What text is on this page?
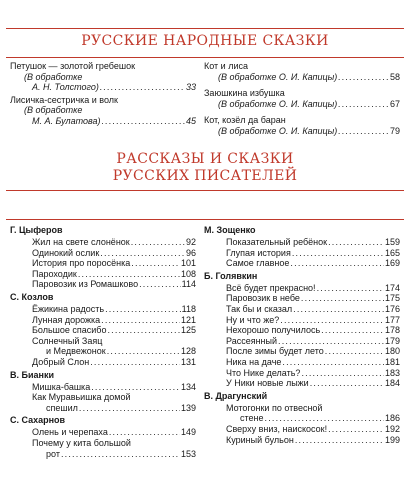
РУССКИЕ НАРОДНЫЕ СКАЗКИ
Петушок — золотой гребешок
(В обработке
А. Н. Толстого) .....	33
Лисичка-сестричка и волк
(В обработке
М. А. Булатова) .....	45
Кот и лиса
(В обработке О. И. Капицы) .....	58
Заюшкина избушка
(В обработке О. И. Капицы) .....	67
Кот, козёл да баран
(В обработке О. И. Капицы) .....	79
РАССКАЗЫ И СКАЗКИ
РУССКИХ ПИСАТЕЛЕЙ
Г. Цыферов
Жил на свете слонёнок .....	92
Одинокий ослик .....	96
История про поросёнка .....	101
Пароходик .....	108
Паровозик из Ромашково .....	114
С. Козлов
Ёжикина радость .....	118
Лунная дорожка .....	121
Большое спасибо .....	125
Солнечный Заяц
и Медвежонок .....	128
Добрый Слон .....	131
В. Бианки
Мишка-башка .....	134
Как Муравьишка домой
спешил .....	139
С. Сахарнов
Олень и черепаха .....	149
Почему у кита большой
рот .....	153
М. Зощенко
Показательный ребёнок .....	159
Глупая история .....	165
Самое главное .....	169
Б. Голявкин
Всё будет прекрасно! .....	174
Паровозик в небе .....	175
Так бы и сказал .....	176
Ну и что же? .....	177
Нехорошо получилось .....	178
Рассеянный .....	179
После зимы будет лето .....	180
Ника на даче .....	181
Что Нике делать? .....	183
У Ники новые лыжи .....	184
В. Драгунский
Мотогонки по отвесной
стене .....	186
Сверху вниз, наискосок! .....	192
Куриный бульон .....	199
